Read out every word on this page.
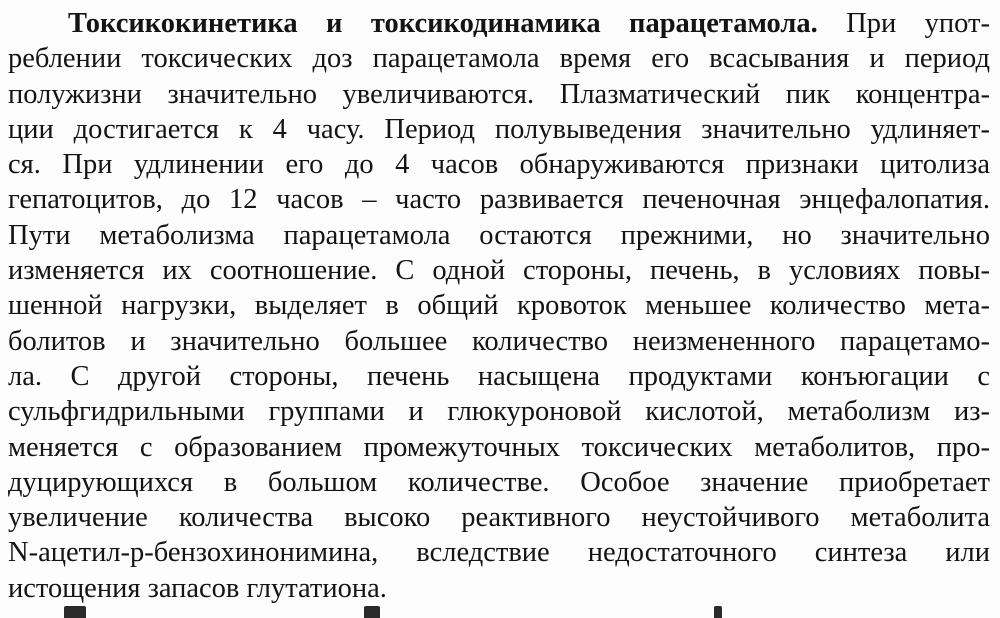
Токсикокинетика и токсикодинамика парацетамола. При упот-
реблении токсических доз парацетамола время его всасывания и период
полужизни значительно увеличиваются. Плазматический пик концентра-
ции достигается к 4 часу. Период полувыведения значительно удлиняет-
ся. При удлинении его до 4 часов обнаруживаются признаки цитолиза
гепатоцитов, до 12 часов – часто развивается печеночная энцефалопатия.
Пути метаболизма парацетамола остаются прежними, но значительно
изменяется их соотношение. С одной стороны, печень, в условиях повы-
шенной нагрузки, выделяет в общий кровоток меньшее количество мета-
болитов и значительно большее количество неизмененного парацетамо-
ла. С другой стороны, печень насыщена продуктами конъюгации с
сульфгидрильными группами и глюкуроновой кислотой, метаболизм из-
меняется с образованием промежуточных токсических метаболитов, про-
дуцирующихся в большом количестве. Особое значение приобретает
увеличение количества высоко реактивного неустойчивого метаболита
N-ацетил-р-бензохинонимина, вследствие недостаточного синтеза или
истощения запасов глутатиона.
